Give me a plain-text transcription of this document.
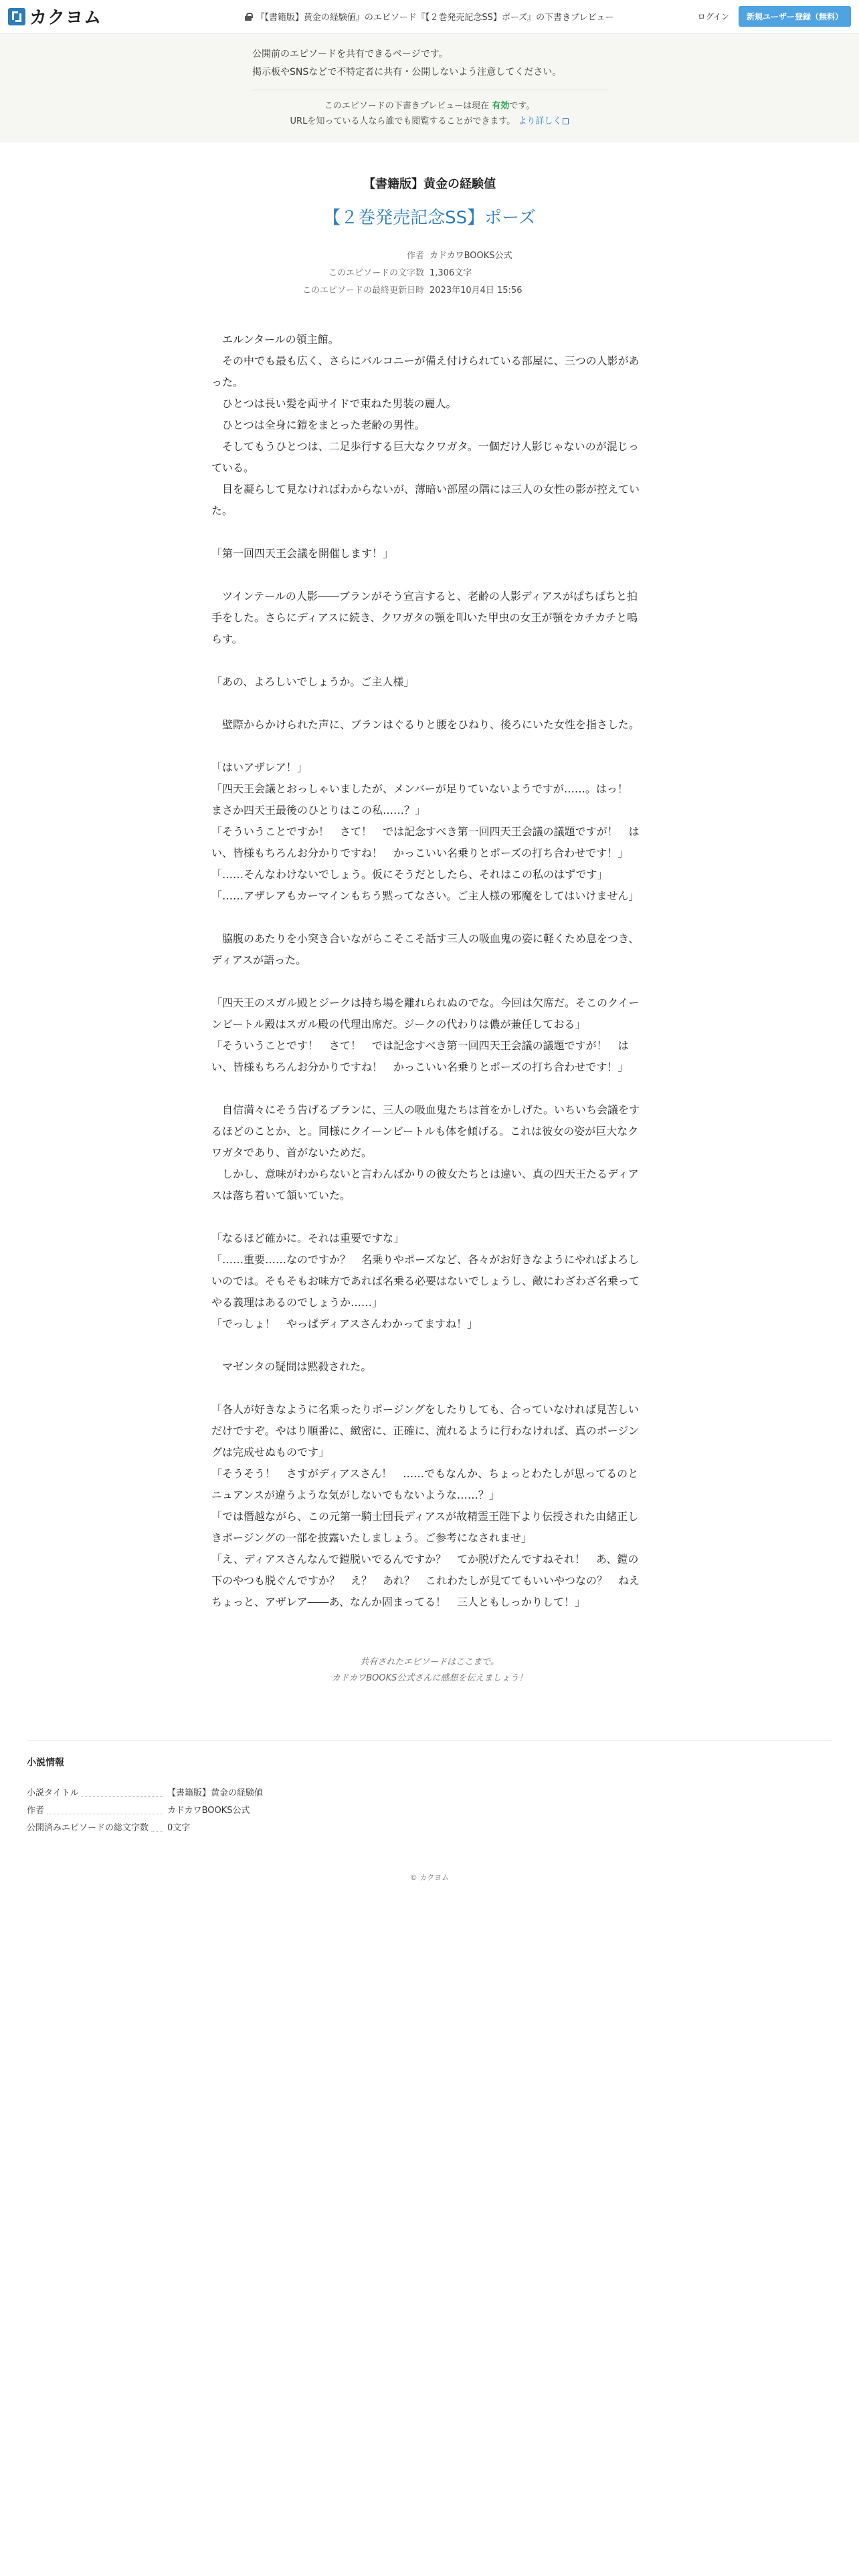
カクヨム	『【書籍版】黄金の経験値』のエピソード『【２巻発売記念SS】ポーズ』の下書きプレビュー	ログイン	新規ユーザー登録（無料）
公開前のエピソードを共有できるページです。
掲示板やSNSなどで不特定者に共有・公開しないよう注意してください。
このエピソードの下書きプレビューは現在 有効です。
URLを知っている人なら誰でも閲覧することができます。 より詳しく
【書籍版】黄金の経験値
【２巻発売記念SS】ポーズ
作者 カドカワBOOKS公式
このエピソードの文字数 1,306文字
このエピソードの最終更新日時 2023年10月4日 15:56

　エルンタールの領主館。

　その中でも最も広く、さらにバルコニーが備え付けられている部屋に、三つの人影があった。

　ひとつは長い髪を両サイドで束ねた男装の麗人。

　ひとつは全身に鎧をまとった老齢の男性。

　そしてもうひとつは、二足歩行する巨大なクワガタ。一個だけ人影じゃないのが混じっている。

　目を凝らして見なければわからないが、薄暗い部屋の隅には三人の女性の影が控えていた。

「第一回四天王会議を開催します！」

　ツインテールの人影――ブランがそう宣言すると、老齢の人影ディアスがぱちぱちと拍手をした。さらにディアスに続き、クワガタの顎を叩いた甲虫の女王が顎をカチカチと鳴らす。

「あの、よろしいでしょうか。ご主人様」

　壁際からかけられた声に、ブランはぐるりと腰をひねり、後ろにいた女性を指さした。

「はいアザレア！」

「四天王会議とおっしゃいましたが、メンバーが足りていないようですが……。はっ！　まさか四天王最後のひとりはこの私……？」

「そういうことですか！　さて！　では記念すべき第一回四天王会議の議題ですが！　はい、皆様もちろんお分かりですね！　かっこいい名乗りとポーズの打ち合わせです！」

「……そんなわけないでしょう。仮にそうだとしたら、それはこの私のはずです」

「……アザレアもカーマインもちう黙ってなさい。ご主人様の邪魔をしてはいけません」

　脇腹のあたりを小突き合いながらこそこそ話す三人の吸血鬼の姿に軽くため息をつき、ディアスが語った。

「四天王のスガル殿とジークは持ち場を離れられぬのでな。今回は欠席だ。そこのクイーンビートル殿はスガル殿の代理出席だ。ジークの代わりは儂が兼任しておる」

「そういうことです！　さて！　では記念すべき第一回四天王会議の議題ですが！　はい、皆様もちろんお分かりですね！　かっこいい名乗りとポーズの打ち合わせです！」

　自信満々にそう告げるブランに、三人の吸血鬼たちは首をかしげた。いちいち会議をするほどのことか、と。同様にクイーンビートルも体を傾げる。これは彼女の姿が巨大なクワガタであり、首がないためだ。

　しかし、意味がわからないと言わんばかりの彼女たちとは違い、真の四天王たるディアスは落ち着いて頷いていた。

「なるほど確かに。それは重要ですな」

「……重要……なのですか？　名乗りやポーズなど、各々がお好きなようにやればよろしいのでは。そもそもお味方であれば名乗る必要はないでしょうし、敵にわざわざ名乗ってやる義理はあるのでしょうか……」

「でっしょ！　やっぱディアスさんわかってますね！」

　マゼンタの疑問は黙殺された。

「各人が好きなように名乗ったりポージングをしたりしても、合っていなければ見苦しいだけですぞ。やはり順番に、緻密に、正確に、流れるように行わなければ、真のポージングは完成せぬものです」

「そうそう！　さすがディアスさん！　……でもなんか、ちょっとわたしが思ってるのとニュアンスが違うような気がしないでもないような……？」

「では僭越ながら、この元第一騎士団長ディアスが故精霊王陛下より伝授された由緒正しきポージングの一部を披露いたしましょう。ご参考になされませ」

「え、ディアスさんなんで鎧脱いでるんですか？　てか脱げたんですねそれ！　あ、鎧の下のやつも脱ぐんですか？　え？　あれ？　これわたしが見ててもいいやつなの？　ねえちょっと、アザレア――あ、なんか固まってる！　三人ともしっかりして！」

共有されたエピソードはここまで。
カドカワBOOKS公式さんに感想を伝えましょう！
小説情報
小説タイトル	【書籍版】黄金の経験値
作者	カドカワBOOKS公式
公開済みエピソードの総文字数 0文字
© カクヨム
